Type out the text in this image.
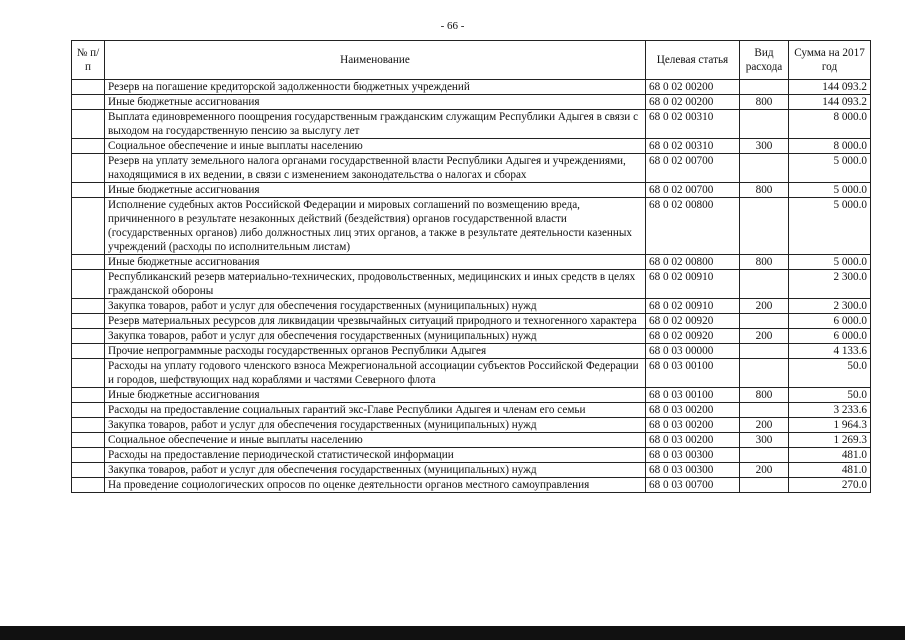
- 66 -
№ п/п	Наименование	Целевая статья	Вид расхода	Сумма на 2017 год
	Резерв на погашение кредиторской задолженности бюджетных учреждений	68 0 02 00200		144 093.2
	Иные бюджетные ассигнования	68 0 02 00200	800	144 093.2
	Выплата единовременного поощрения государственным гражданским служащим Республики Адыгея в связи с выходом на государственную пенсию за выслугу лет	68 0 02 00310		8 000.0
	Социальное обеспечение и иные выплаты населению	68 0 02 00310	300	8 000.0
	Резерв на уплату земельного налога органами государственной власти Республики Адыгея и учреждениями, находящимися в их ведении, в связи с изменением законодательства о налогах и сборах	68 0 02 00700		5 000.0
	Иные бюджетные ассигнования	68 0 02 00700	800	5 000.0
	Исполнение судебных актов Российской Федерации и мировых соглашений по возмещению вреда, причиненного в результате незаконных действий (бездействия) органов государственной власти (государственных органов) либо должностных лиц этих органов, а также в результате деятельности казенных учреждений (расходы по исполнительным листам)	68 0 02 00800		5 000.0
	Иные бюджетные ассигнования	68 0 02 00800	800	5 000.0
	Республиканский резерв материально-технических, продовольственных, медицинских и иных средств в целях гражданской обороны	68 0 02 00910		2 300.0
	Закупка товаров, работ и услуг для обеспечения государственных (муниципальных) нужд	68 0 02 00910	200	2 300.0
	Резерв материальных ресурсов для ликвидации чрезвычайных ситуаций природного и техногенного характера	68 0 02 00920		6 000.0
	Закупка товаров, работ и услуг для обеспечения государственных (муниципальных) нужд	68 0 02 00920	200	6 000.0
	Прочие непрограммные расходы государственных органов Республики Адыгея	68 0 03 00000		4 133.6
	Расходы на уплату годового членского взноса Межрегиональной ассоциации субъектов Российской Федерации и городов, шефствующих над кораблями и частями Северного флота	68 0 03 00100		50.0
	Иные бюджетные ассигнования	68 0 03 00100	800	50.0
	Расходы на предоставление социальных гарантий экс-Главе Республики Адыгея и членам его семьи	68 0 03 00200		3 233.6
	Закупка товаров, работ и услуг для обеспечения государственных (муниципальных) нужд	68 0 03 00200	200	1 964.3
	Социальное обеспечение и иные выплаты населению	68 0 03 00200	300	1 269.3
	Расходы на предоставление периодической статистической информации	68 0 03 00300		481.0
	Закупка товаров, работ и услуг для обеспечения государственных (муниципальных) нужд	68 0 03 00300	200	481.0
	На проведение социологических опросов по оценке деятельности органов местного самоуправления	68 0 03 00700		270.0
